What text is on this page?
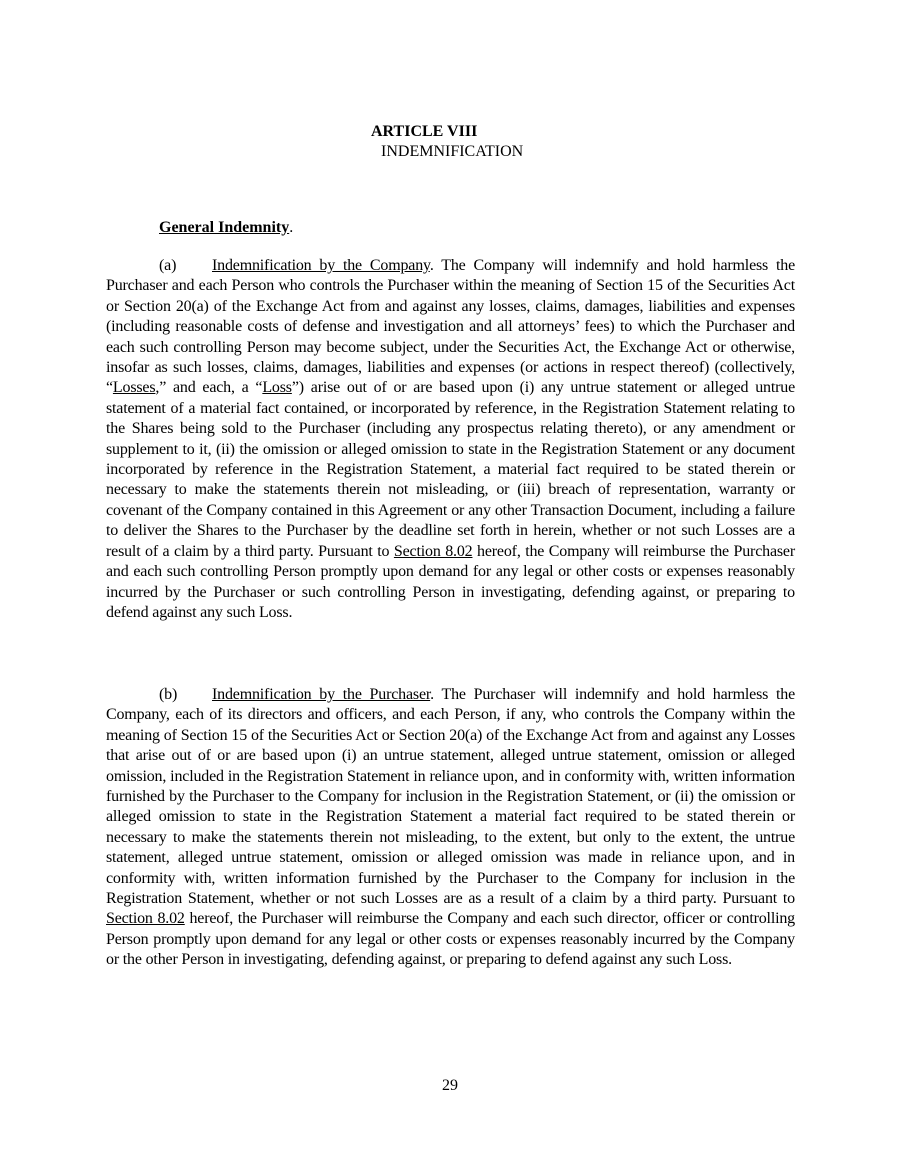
ARTICLE VIII
INDEMNIFICATION
General Indemnity.

(a) Indemnification by the Company. The Company will indemnify and hold harmless the Purchaser and each Person who controls the Purchaser within the meaning of Section 15 of the Securities Act or Section 20(a) of the Exchange Act from and against any losses, claims, damages, liabilities and expenses (including reasonable costs of defense and investigation and all attorneys’ fees) to which the Purchaser and each such controlling Person may become subject, under the Securities Act, the Exchange Act or otherwise, insofar as such losses, claims, damages, liabilities and expenses (or actions in respect thereof) (collectively, “Losses,” and each, a “Loss”) arise out of or are based upon (i) any untrue statement or alleged untrue statement of a material fact contained, or incorporated by reference, in the Registration Statement relating to the Shares being sold to the Purchaser (including any prospectus relating thereto), or any amendment or supplement to it, (ii) the omission or alleged omission to state in the Registration Statement or any document incorporated by reference in the Registration Statement, a material fact required to be stated therein or necessary to make the statements therein not misleading, or (iii) breach of representation, warranty or covenant of the Company contained in this Agreement or any other Transaction Document, including a failure to deliver the Shares to the Purchaser by the deadline set forth in herein, whether or not such Losses are a result of a claim by a third party. Pursuant to Section 8.02 hereof, the Company will reimburse the Purchaser and each such controlling Person promptly upon demand for any legal or other costs or expenses reasonably incurred by the Purchaser or such controlling Person in investigating, defending against, or preparing to defend against any such Loss.

(b) Indemnification by the Purchaser. The Purchaser will indemnify and hold harmless the Company, each of its directors and officers, and each Person, if any, who controls the Company within the meaning of Section 15 of the Securities Act or Section 20(a) of the Exchange Act from and against any Losses that arise out of or are based upon (i) an untrue statement, alleged untrue statement, omission or alleged omission, included in the Registration Statement in reliance upon, and in conformity with, written information furnished by the Purchaser to the Company for inclusion in the Registration Statement, or (ii) the omission or alleged omission to state in the Registration Statement a material fact required to be stated therein or necessary to make the statements therein not misleading, to the extent, but only to the extent, the untrue statement, alleged untrue statement, omission or alleged omission was made in reliance upon, and in conformity with, written information furnished by the Purchaser to the Company for inclusion in the Registration Statement, whether or not such Losses are as a result of a claim by a third party. Pursuant to Section 8.02 hereof, the Purchaser will reimburse the Company and each such director, officer or controlling Person promptly upon demand for any legal or other costs or expenses reasonably incurred by the Company or the other Person in investigating, defending against, or preparing to defend against any such Loss.

29
